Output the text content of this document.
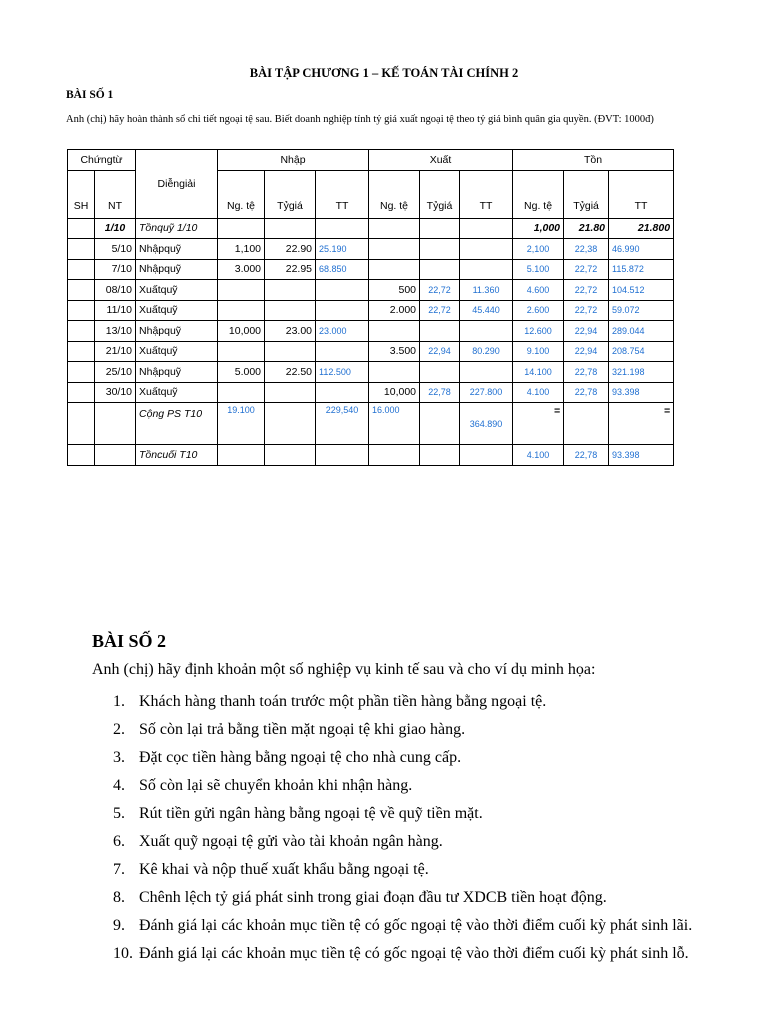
BÀI TẬP CHƯƠNG 1 – KẾ TOÁN TÀI CHÍNH 2
BÀI SỐ 1
Anh (chị) hãy hoàn thành sổ chi tiết ngoại tệ sau. Biết doanh nghiệp tính tỷ giá xuất ngoại tệ theo tỷ giá bình quân gia quyền. (ĐVT: 1000đ)
Chứngtừ		Diễngiải	Nhập			Xuất			Tồn		
SH	NT		Ng. tệ	Tỷgiá	TT	Ng. tệ	Tỷgiá	TT	Ng. tệ	Tỷgiá	TT
	1/10	Tồnquỹ 1/10							1,000	21.80	21.800
	5/10	Nhậpquỹ	1,100	22.90	25.190				2,100	22,38	46.990
	7/10	Nhậpquỹ	3.000	22.95	68.850				5.100	22,72	115.872
	08/10	Xuấtquỹ				500	22,72	11.360	4.600	22,72	104.512
	11/10	Xuấtquỹ				2.000	22,72	45.440	2.600	22,72	59.072
	13/10	Nhậpquỹ	10,000	23.00	23.000				12.600	22,94	289.044
	21/10	Xuấtquỹ				3.500	22,94	80.290	9.100	22,94	208.754
	25/10	Nhậpquỹ	5.000	22.50	112.500				14.100	22,78	321.198
	30/10	Xuấtquỹ				10,000	22,78	227.800	4.100	22,78	93.398
		Cộng PS T10	19.100		229,540	16.000		364.890	=		=
		Tồncuối T10							4.100	22,78	93.398
BÀI SỐ 2
Anh (chị) hãy định khoản một số nghiệp vụ kinh tế sau và cho ví dụ minh họa:
1. Khách hàng thanh toán trước một phần tiền hàng bằng ngoại tệ.
2. Số còn lại trả bằng tiền mặt ngoại tệ khi giao hàng.
3. Đặt cọc tiền hàng bằng ngoại tệ cho nhà cung cấp.
4. Số còn lại sẽ chuyển khoản khi nhận hàng.
5. Rút tiền gửi ngân hàng bằng ngoại tệ về quỹ tiền mặt.
6. Xuất quỹ ngoại tệ gửi vào tài khoản ngân hàng.
7. Kê khai và nộp thuế xuất khẩu bằng ngoại tệ.
8. Chênh lệch tỷ giá phát sinh trong giai đoạn đầu tư XDCB tiền hoạt động.
9. Đánh giá lại các khoản mục tiền tệ có gốc ngoại tệ vào thời điểm cuối kỳ phát sinh lãi.
10. Đánh giá lại các khoản mục tiền tệ có gốc ngoại tệ vào thời điểm cuối kỳ phát sinh lỗ.
